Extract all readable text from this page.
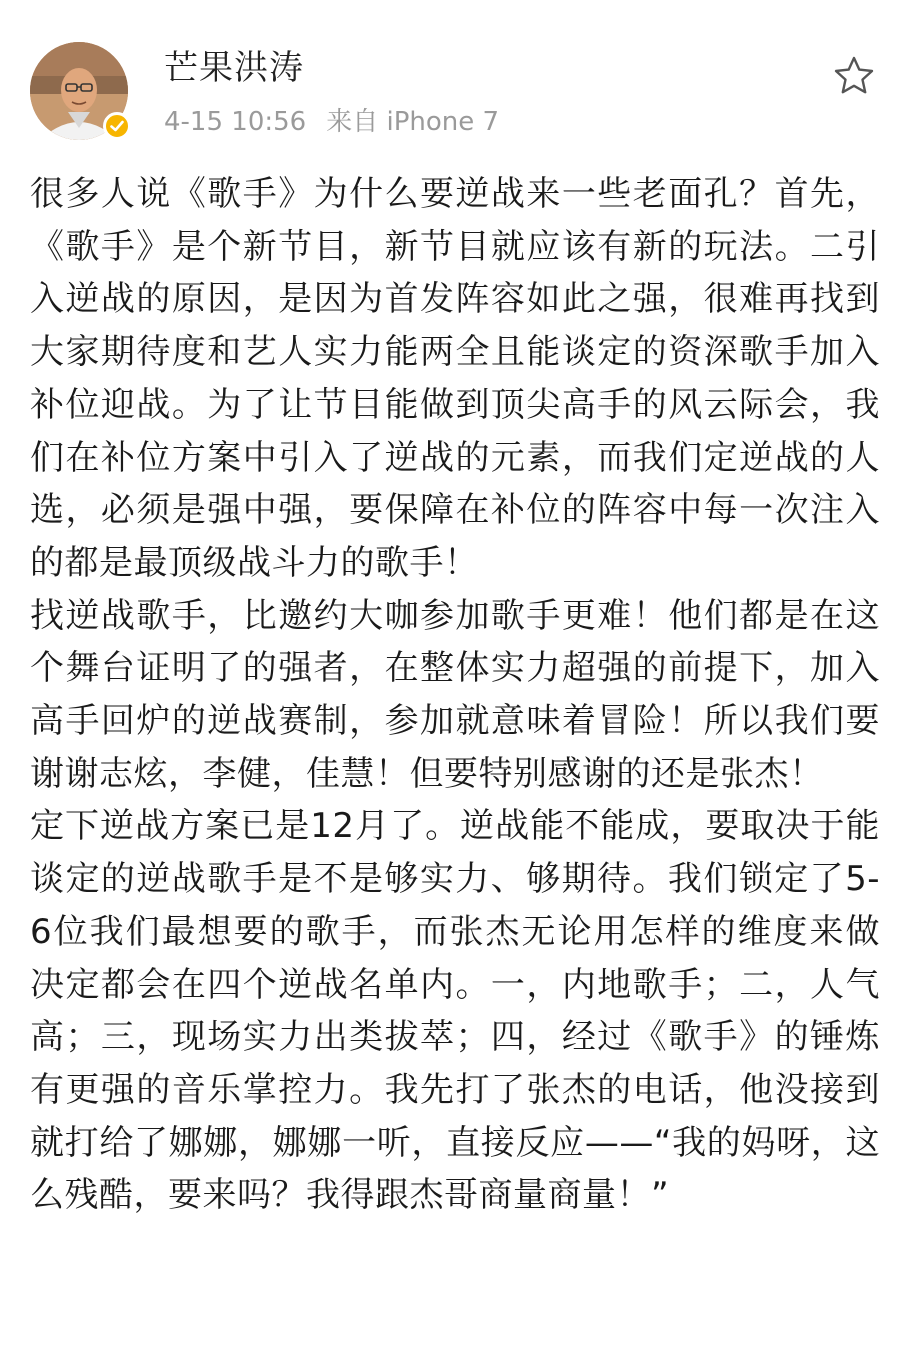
芒果洪涛
4-15 10:56 来自 iPhone 7

很多人说《歌手》为什么要逆战来一些老面孔？首先，《歌手》是个新节目，新节目就应该有新的玩法。二引入逆战的原因，是因为首发阵容如此之强，很难再找到大家期待度和艺人实力能两全且能谈定的资深歌手加入补位迎战。为了让节目能做到顶尖高手的风云际会，我们在补位方案中引入了逆战的元素，而我们定逆战的人选，必须是强中强，要保障在补位的阵容中每一次注入的都是最顶级战斗力的歌手！

找逆战歌手，比邀约大咖参加歌手更难！他们都是在这个舞台证明了的强者，在整体实力超强的前提下，加入高手回炉的逆战赛制，参加就意味着冒险！所以我们要谢谢志炫，李健，佳慧！但要特别感谢的还是张杰！

定下逆战方案已是12月了。逆战能不能成，要取决于能谈定的逆战歌手是不是够实力、够期待。我们锁定了5-6位我们最想要的歌手，而张杰无论用怎样的维度来做决定都会在四个逆战名单内。一，内地歌手；二，人气高；三，现场实力出类拔萃；四，经过《歌手》的锤炼有更强的音乐掌控力。我先打了张杰的电话，他没接到就打给了娜娜，娜娜一听，直接反应——“我的妈呀，这么残酷，要来吗？我得跟杰哥商量商量！”
